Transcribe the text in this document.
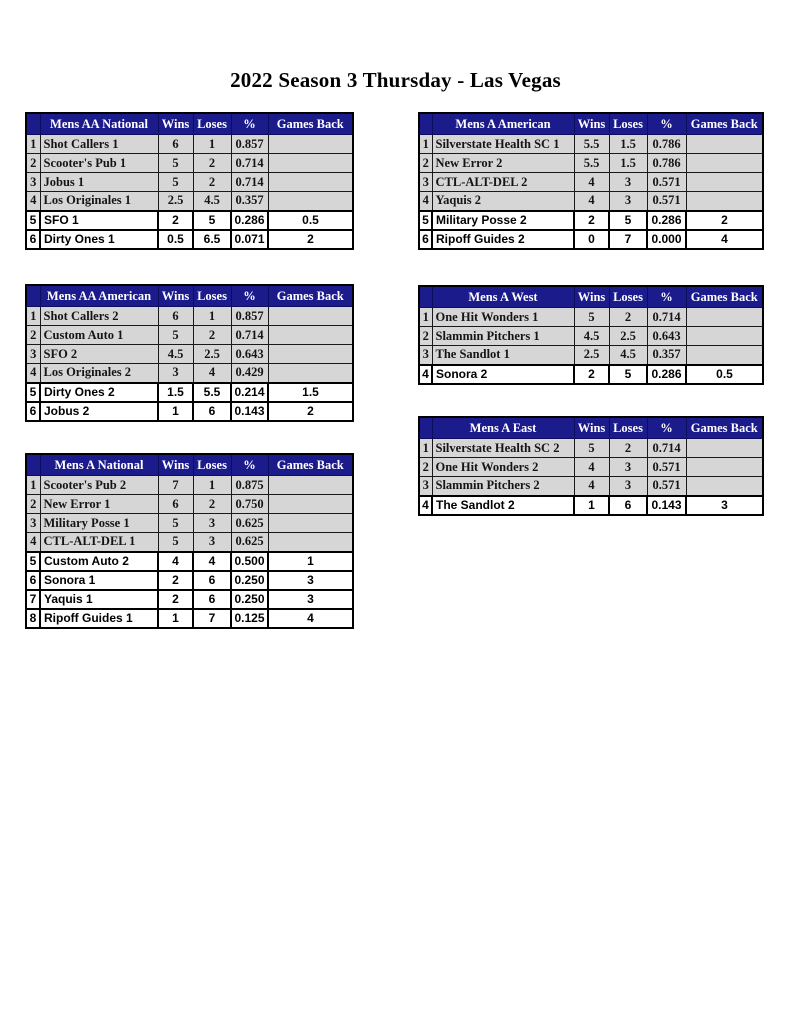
2022 Season 3 Thursday - Las Vegas
	Mens AA National	Wins	Loses	%	Games Back
1	Shot Callers 1	6	1	0.857	
2	Scooter's Pub 1	5	2	0.714	
3	Jobus 1	5	2	0.714	
4	Los Originales 1	2.5	4.5	0.357	
5	SFO 1	2	5	0.286	0.5
6	Dirty Ones 1	0.5	6.5	0.071	2
	Mens A American	Wins	Loses	%	Games Back
1	Silverstate Health SC 1	5.5	1.5	0.786	
2	New Error 2	5.5	1.5	0.786	
3	CTL-ALT-DEL 2	4	3	0.571	
4	Yaquis 2	4	3	0.571	
5	Military Posse 2	2	5	0.286	2
6	Ripoff Guides 2	0	7	0.000	4
	Mens AA American	Wins	Loses	%	Games Back
1	Shot Callers 2	6	1	0.857	
2	Custom Auto 1	5	2	0.714	
3	SFO 2	4.5	2.5	0.643	
4	Los Originales 2	3	4	0.429	
5	Dirty Ones 2	1.5	5.5	0.214	1.5
6	Jobus 2	1	6	0.143	2
	Mens A West	Wins	Loses	%	Games Back
1	One Hit Wonders 1	5	2	0.714	
2	Slammin Pitchers 1	4.5	2.5	0.643	
3	The Sandlot 1	2.5	4.5	0.357	
4	Sonora 2	2	5	0.286	0.5
	Mens A East	Wins	Loses	%	Games Back
1	Silverstate Health SC 2	5	2	0.714	
2	One Hit Wonders 2	4	3	0.571	
3	Slammin Pitchers 2	4	3	0.571	
4	The Sandlot 2	1	6	0.143	3
	Mens A National	Wins	Loses	%	Games Back
1	Scooter's Pub 2	7	1	0.875	
2	New Error 1	6	2	0.750	
3	Military Posse 1	5	3	0.625	
4	CTL-ALT-DEL 1	5	3	0.625	
5	Custom Auto 2	4	4	0.500	1
6	Sonora 1	2	6	0.250	3
7	Yaquis 1	2	6	0.250	3
8	Ripoff Guides 1	1	7	0.125	4
